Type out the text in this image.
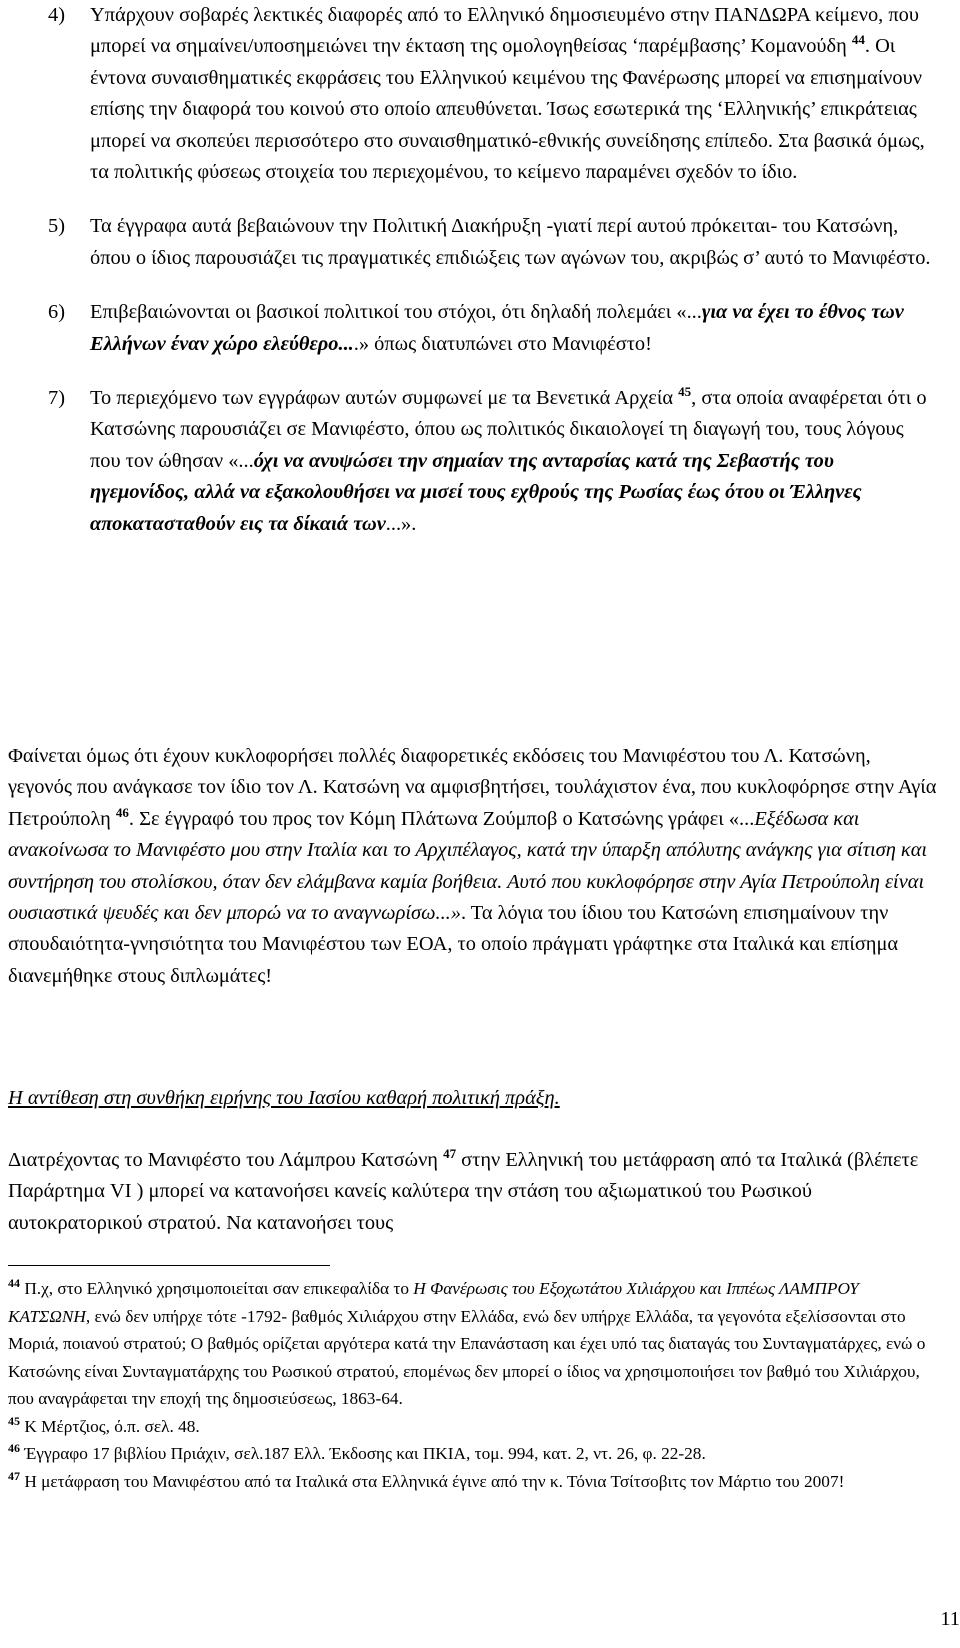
4) Υπάρχουν σοβαρές λεκτικές διαφορές από το Ελληνικό δημοσιευμένο στην ΠΑΝΔΩΡΑ κείμενο, που μπορεί να σημαίνει/υποσημειώνει την έκταση της ομολογηθείσας ‘παρέμβασης’ Κομανούδη $^{44}$. Οι έντονα συναισθηματικές εκφράσεις του Ελληνικού κειμένου της Φανέρωσης μπορεί να επισημαίνουν επίσης την διαφορά του κοινού στο οποίο απευθύνεται. Ίσως εσωτερικά της ‘Ελληνικής’ επικράτειας μπορεί να σκοπεύει περισσότερο στο συναισθηματικό-εθνικής συνείδησης επίπεδο. Στα βασικά όμως, τα πολιτικής φύσεως στοιχεία του περιεχομένου, το κείμενο παραμένει σχεδόν το ίδιο.
5) Τα έγγραφα αυτά βεβαιώνουν την Πολιτική Διακήρυξη -γιατί περί αυτού πρόκειται- του Κατσώνη, όπου ο ίδιος παρουσιάζει τις πραγματικές επιδιώξεις των αγώνων του, ακριβώς σ’ αυτό το Μανιφέστο.
6) Επιβεβαιώνονται οι βασικοί πολιτικοί του στόχοι, ότι δηλαδή πολεμάει «...για να έχει το έθνος των Ελλήνων έναν χώρο ελεύθερο....» όπως διατυπώνει στο Μανιφέστο!
7) Το περιεχόμενο των εγγράφων αυτών συμφωνεί με τα Βενετικά Αρχεία $^{45}$, στα οποία αναφέρεται ότι ο Κατσώνης παρουσιάζει σε Μανιφέστο, όπου ως πολιτικός δικαιολογεί τη διαγωγή του, τους λόγους που τον ώθησαν «...όχι να ανυψώσει την σημαίαν της ανταρσίας κατά της Σεβαστής του ηγεμονίδος, αλλά να εξακολουθήσει να μισεί τους εχθρούς της Ρωσίας έως ότου οι Έλληνες αποκατασταθούν εις τα δίκαιά των...».

Φαίνεται όμως ότι έχουν κυκλοφορήσει πολλές διαφορετικές εκδόσεις του Μανιφέστου του Λ. Κατσώνη, γεγονός που ανάγκασε τον ίδιο τον Λ. Κατσώνη να αμφισβητήσει, τουλάχιστον ένα, που κυκλοφόρησε στην Αγία Πετρούπολη $^{46}$. Σε έγγραφό του προς τον Κόμη Πλάτωνα Ζούμποβ ο Κατσώνης γράφει «...Εξέδωσα και ανακοίνωσα το Μανιφέστο μου στην Ιταλία και το Αρχιπέλαγος, κατά την ύπαρξη απόλυτης ανάγκης για σίτιση και συντήρηση του στολίσκου, όταν δεν ελάμβανα καμία βοήθεια. Αυτό που κυκλοφόρησε στην Αγία Πετρούπολη είναι ουσιαστικά ψευδές και δεν μπορώ να το αναγνωρίσω...». Τα λόγια του ίδιου του Κατσώνη επισημαίνουν την σπουδαιότητα-γνησιότητα του Μανιφέστου των ΕΟΑ, το οποίο πράγματι γράφτηκε στα Ιταλικά και επίσημα διανεμήθηκε στους διπλωμάτες!

Η αντίθεση στη συνθήκη ειρήνης του Ιασίου καθαρή πολιτική πράξη.

Διατρέχοντας το Μανιφέστο του Λάμπρου Κατσώνη $^{47}$ στην Ελληνική του μετάφραση από τα Ιταλικά (βλέπετε Παράρτημα VI ) μπορεί να κατανοήσει κανείς καλύτερα την στάση του αξιωματικού του Ρωσικού αυτοκρατορικού στρατού. Να κατανοήσει τους

$^{44}$ Π.χ, στο Ελληνικό χρησιμοποιείται σαν επικεφαλίδα το Η Φανέρωσις του Εξοχωτάτου Χιλιάρχου και Ιππέως ΛΑΜΠΡΟΥ ΚΑΤΣΩΝΗ, ενώ δεν υπήρχε τότε -1792- βαθμός Χιλιάρχου στην Ελλάδα, ενώ δεν υπήρχε Ελλάδα, τα γεγονότα εξελίσσονται στο Μοριά, ποιανού στρατού; Ο βαθμός ορίζεται αργότερα κατά την Επανάσταση και έχει υπό τας διαταγάς του Συνταγματάρχες, ενώ ο Κατσώνης είναι Συνταγματάρχης του Ρωσικού στρατού, επομένως δεν μπορεί ο ίδιος να χρησιμοποιήσει τον βαθμό του Χιλιάρχου, που αναγράφεται την εποχή της δημοσιεύσεως, 1863-64.

$^{45}$ Κ Μέρτζιος, ό.π. σελ. 48.

$^{46}$ Έγγραφο 17 βιβλίου Πριάχιν, σελ.187 Ελλ. Έκδοσης και ΠΚΙΑ, τομ. 994, κατ. 2, ντ. 26, φ. 22-28.

$^{47}$ Η μετάφραση του Μανιφέστου από τα Ιταλικά στα Ελληνικά έγινε από την κ. Τόνια Τσίτσοβιτς τον Μάρτιο του 2007!

11
